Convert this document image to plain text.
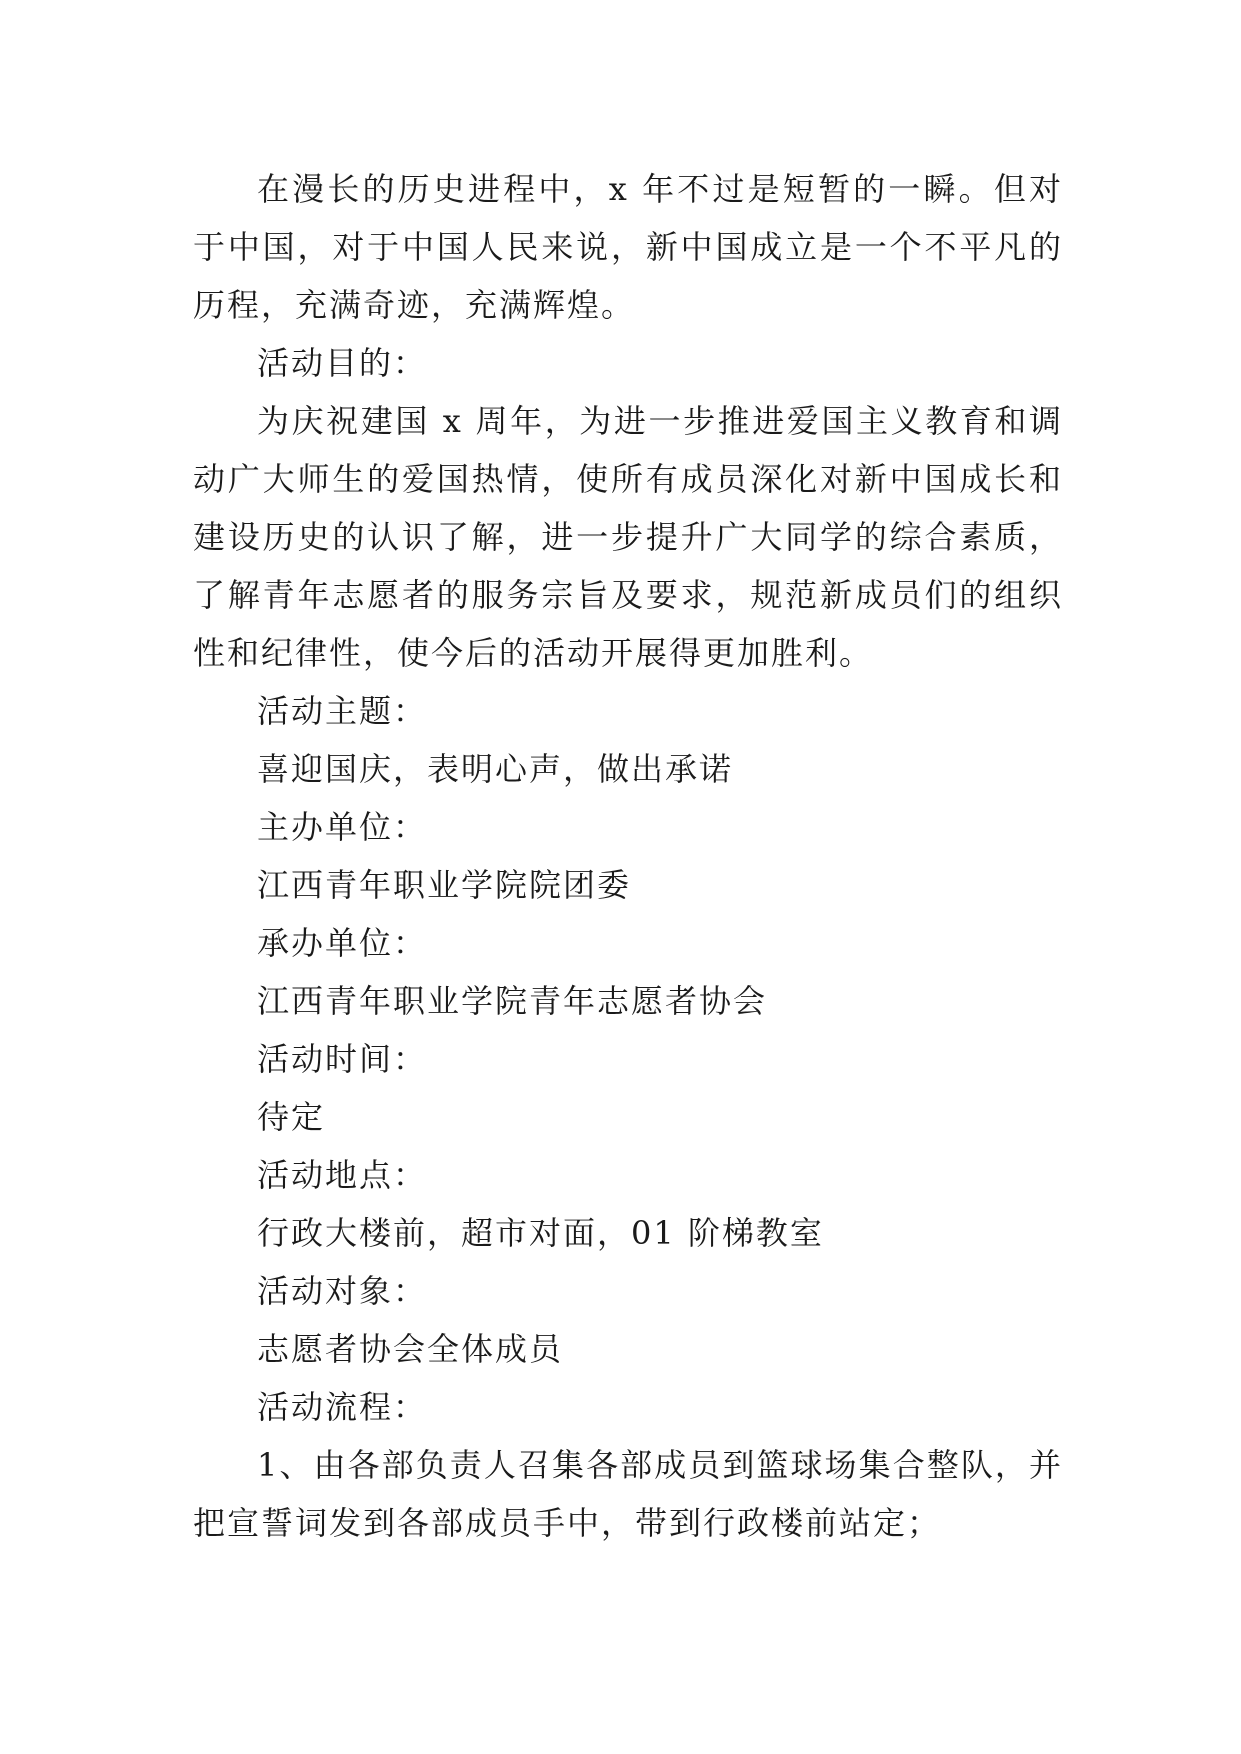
在漫长的历史进程中，x 年不过是短暂的一瞬。但对于中国，对于中国人民来说，新中国成立是一个不平凡的历程，充满奇迹，充满辉煌。

活动目的：

为庆祝建国 x 周年，为进一步推进爱国主义教育和调动广大师生的爱国热情，使所有成员深化对新中国成长和建设历史的认识了解，进一步提升广大同学的综合素质，了解青年志愿者的服务宗旨及要求，规范新成员们的组织性和纪律性，使今后的活动开展得更加胜利。

活动主题：

喜迎国庆，表明心声，做出承诺

主办单位：

江西青年职业学院院团委

承办单位：

江西青年职业学院青年志愿者协会

活动时间：

待定

活动地点：

行政大楼前，超市对面，01 阶梯教室

活动对象：

志愿者协会全体成员

活动流程：

1、由各部负责人召集各部成员到篮球场集合整队，并把宣誓词发到各部成员手中，带到行政楼前站定；
